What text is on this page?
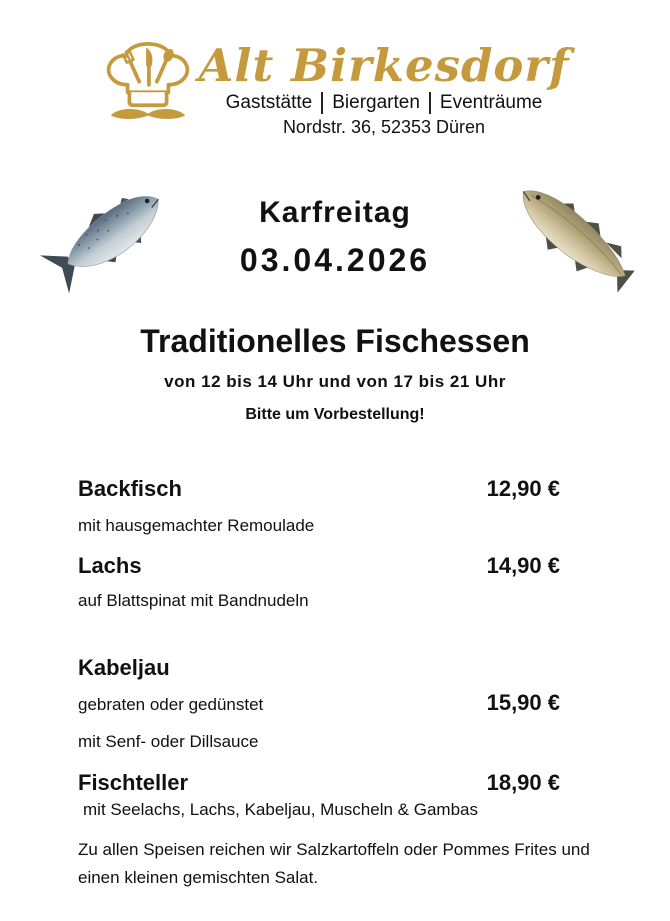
Alt Birkesdorf
Gaststätte Biergarten Eventräume
Nordstr. 36, 52353 Düren
Karfreitag
03.04.2026
Traditionelles Fischessen
von 12 bis 14 Uhr und von 17 bis 21 Uhr
Bitte um Vorbestellung!
Backfisch	12,90 €
mit hausgemachter Remoulade
Lachs	14,90 €
auf Blattspinat mit Bandnudeln
Kabeljau
gebraten oder gedünstet	15,90 €
mit Senf- oder Dillsauce
Fischteller	18,90 €
mit Seelachs, Lachs, Kabeljau, Muscheln & Gambas
Zu allen Speisen reichen wir Salzkartoffeln oder Pommes Frites und
einen kleinen gemischten Salat.
